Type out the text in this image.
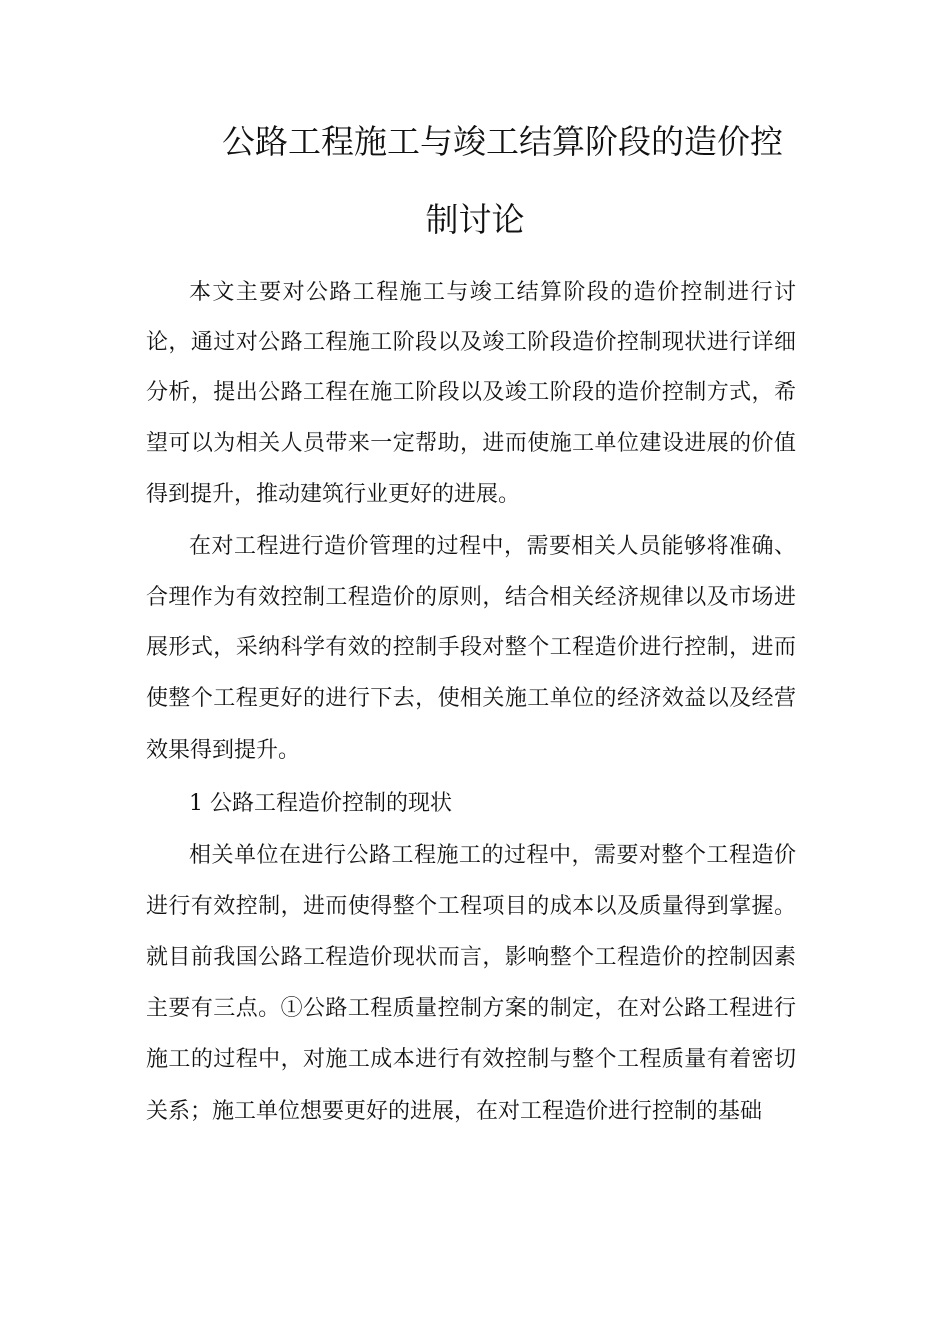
公路工程施工与竣工结算阶段的造价控
制讨论
本文主要对公路工程施工与竣工结算阶段的造价控制进行讨
论，通过对公路工程施工阶段以及竣工阶段造价控制现状进行详细
分析，提出公路工程在施工阶段以及竣工阶段的造价控制方式，希
望可以为相关人员带来一定帮助，进而使施工单位建设进展的价值
得到提升，推动建筑行业更好的进展。
在对工程进行造价管理的过程中，需要相关人员能够将准确、
合理作为有效控制工程造价的原则，结合相关经济规律以及市场进
展形式，采纳科学有效的控制手段对整个工程造价进行控制，进而
使整个工程更好的进行下去，使相关施工单位的经济效益以及经营
效果得到提升。
1 公路工程造价控制的现状
相关单位在进行公路工程施工的过程中，需要对整个工程造价
进行有效控制，进而使得整个工程项目的成本以及质量得到掌握。
就目前我国公路工程造价现状而言，影响整个工程造价的控制因素
主要有三点。①公路工程质量控制方案的制定，在对公路工程进行
施工的过程中，对施工成本进行有效控制与整个工程质量有着密切
关系；施工单位想要更好的进展，在对工程造价进行控制的基础
